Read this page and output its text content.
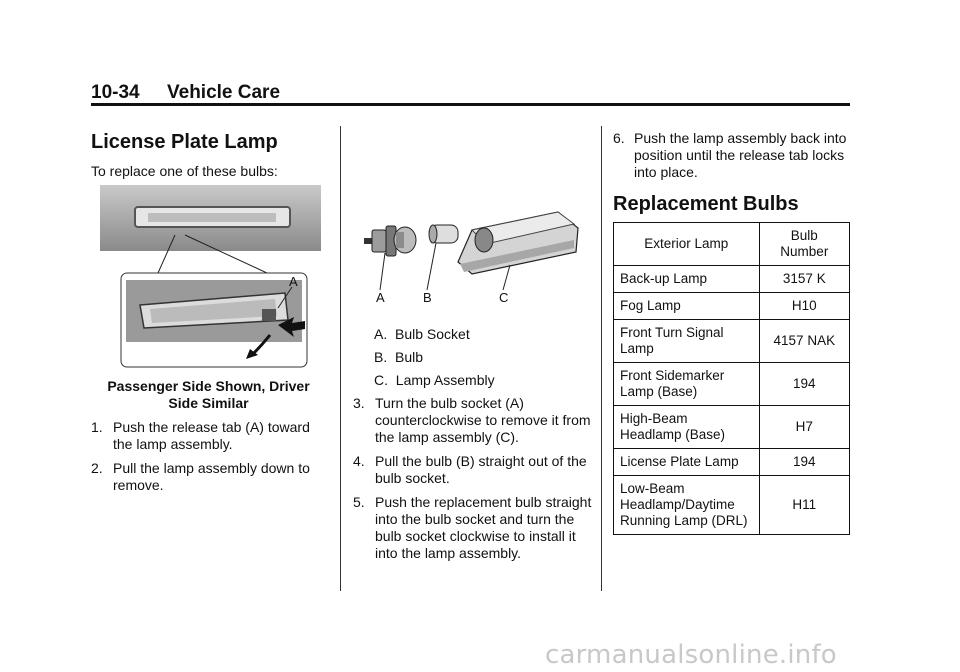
10-34 Vehicle Care
License Plate Lamp

To replace one of these bulbs:

A

Passenger Side Shown, Driver

Side Similar

1. Push the release tab (A) toward the lamp assembly.
2. Pull the lamp assembly down to remove.
A	B	C
A. Bulb Socket
B. Bulb
C. Lamp Assembly
3. Turn the bulb socket (A) counterclockwise to remove it from the lamp assembly (C).
4. Pull the bulb (B) straight out of the bulb socket.
5. Push the replacement bulb straight into the bulb socket and turn the bulb socket clockwise to install it into the lamp assembly.
6. Push the lamp assembly back into position until the release tab locks into place.
Replacement Bulbs
Exterior Lamp	Bulb Number
Back-up Lamp	3157 K
Fog Lamp	H10
Front Turn Signal Lamp	4157 NAK
Front Sidemarker Lamp (Base)	194
High-Beam Headlamp (Base)	H7
License Plate Lamp	194
Low-Beam Headlamp/Daytime Running Lamp (DRL)	H11
carmanualsonline.info
